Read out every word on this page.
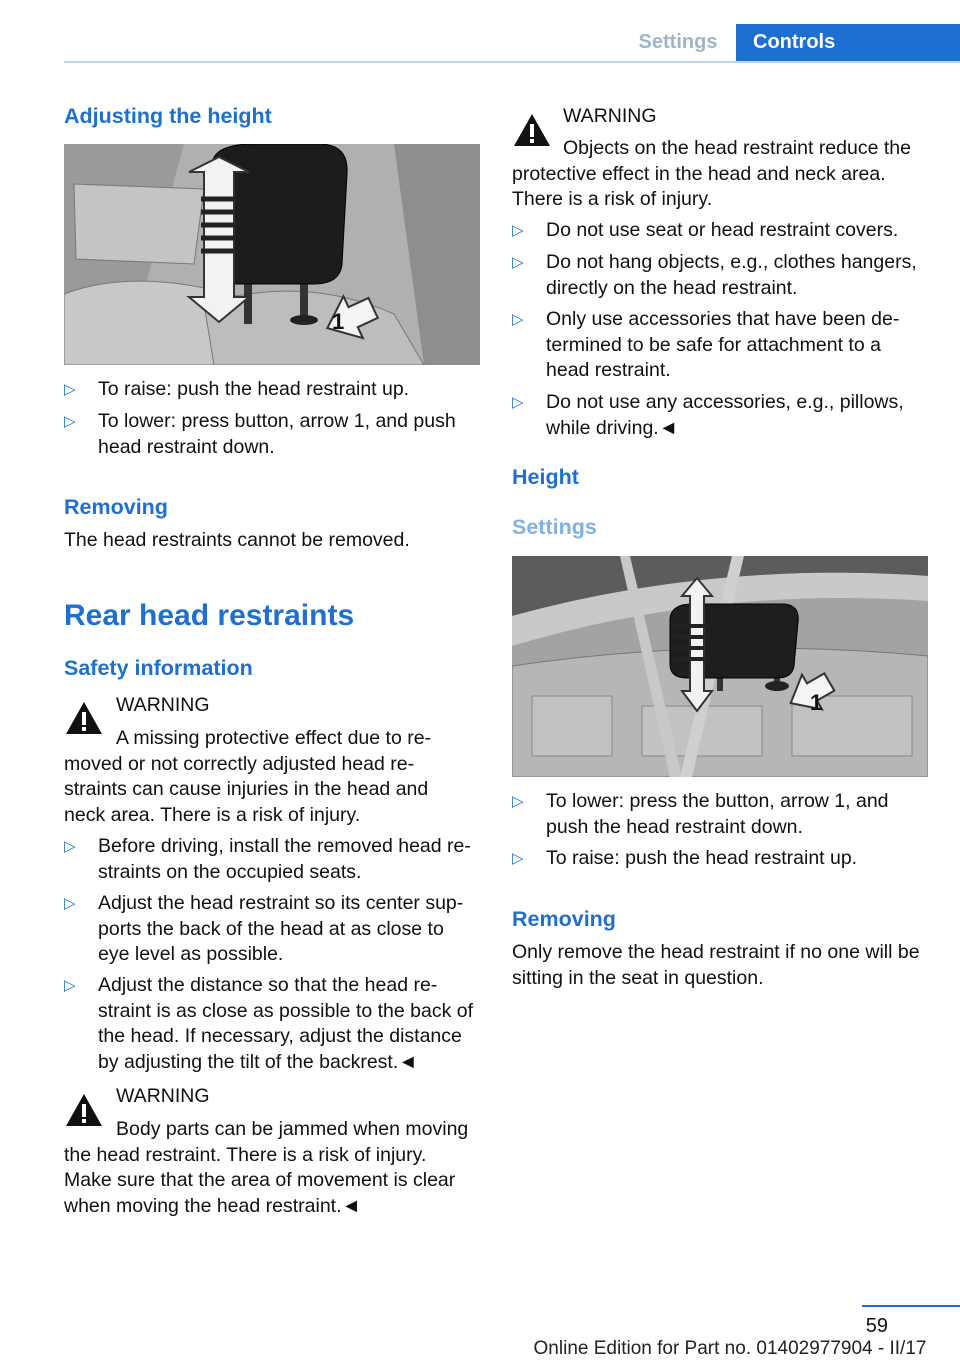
Settings	Controls
Adjusting the height
1
▷ To raise: push the head restraint up.
▷ To lower: press button, arrow 1, and push
head restraint down.
Removing
The head restraints cannot be removed.
Rear head restraints
Safety information
WARNING
A missing protective effect due to re-
moved or not correctly adjusted head re-
straints can cause injuries in the head and
neck area. There is a risk of injury.
▷ Before driving, install the removed head re-
straints on the occupied seats.
▷ Adjust the head restraint so its center sup-
ports the back of the head at as close to
eye level as possible.
▷ Adjust the distance so that the head re-
straint is as close as possible to the back of
the head. If necessary, adjust the distance
by adjusting the tilt of the backrest.◄
WARNING
Body parts can be jammed when moving
the head restraint. There is a risk of injury.
Make sure that the area of movement is clear
when moving the head restraint.◄
WARNING
Objects on the head restraint reduce the
protective effect in the head and neck area.
There is a risk of injury.
▷ Do not use seat or head restraint covers.
▷ Do not hang objects, e.g., clothes hangers,
directly on the head restraint.
▷ Only use accessories that have been de-
termined to be safe for attachment to a
head restraint.
▷ Do not use any accessories, e.g., pillows,
while driving.◄
Height
Settings
1
▷ To lower: press the button, arrow 1, and
push the head restraint down.
▷ To raise: push the head restraint up.
Removing
Only remove the head restraint if no one will be
sitting in the seat in question.
59
Online Edition for Part no. 01402977904 - II/17
